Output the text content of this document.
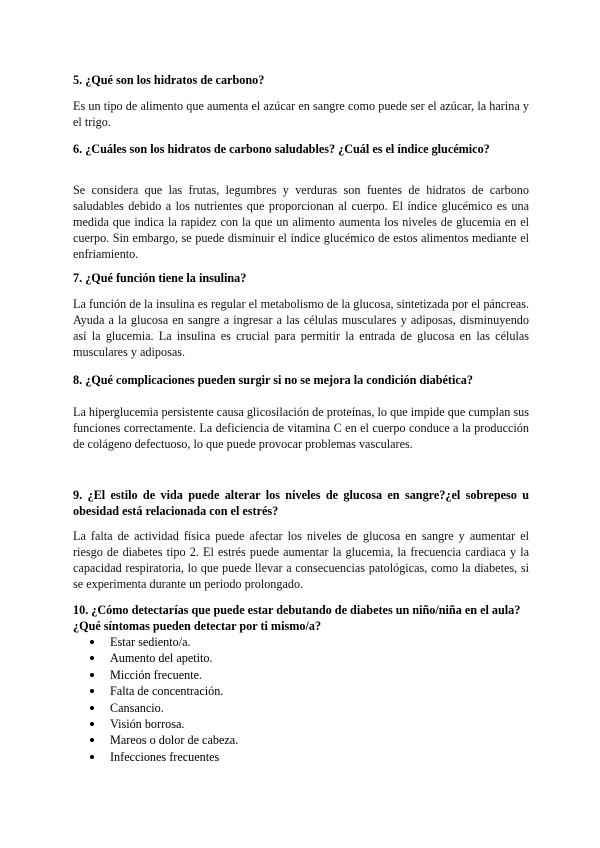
5. ¿Qué son los hidratos de carbono?
Es un tipo de alimento que aumenta el azúcar en sangre como puede ser el azúcar, la harina y el trigo.
6. ¿Cuáles son los hidratos de carbono saludables? ¿Cuál es el índice glucémico?
Se considera que las frutas, legumbres y verduras son fuentes de hidratos de carbono saludables debido a los nutrientes que proporcionan al cuerpo. El índice glucémico es una medida que indica la rapidez con la que un alimento aumenta los niveles de glucemia en el cuerpo. Sin embargo, se puede disminuir el índice glucémico de estos alimentos mediante el enfriamiento.
7. ¿Qué función tiene la insulina?
La función de la insulina es regular el metabolismo de la glucosa, sintetizada por el páncreas. Ayuda a la glucosa en sangre a ingresar a las células musculares y adiposas, disminuyendo así la glucemia. La insulina es crucial para permitir la entrada de glucosa en las células musculares y adiposas.
8. ¿Qué complicaciones pueden surgir si no se mejora la condición diabética?
La hiperglucemia persistente causa glicosilación de proteínas, lo que impide que cumplan sus funciones correctamente. La deficiencia de vitamina C en el cuerpo conduce a la producción de colágeno defectuoso, lo que puede provocar problemas vasculares.
9. ¿El estilo de vida puede alterar los niveles de glucosa en sangre?¿el sobrepeso u obesidad está relacionada con el estrés?
La falta de actividad física puede afectar los niveles de glucosa en sangre y aumentar el riesgo de diabetes tipo 2. El estrés puede aumentar la glucemia, la frecuencia cardiaca y la capacidad respiratoria, lo que puede llevar a consecuencias patológicas, como la diabetes, si se experimenta durante un periodo prolongado.
10. ¿Cómo detectarías que puede estar debutando de diabetes un niño/niña en el aula? ¿Qué síntomas pueden detectar por ti mismo/a?
Estar sediento/a.
Aumento del apetito.
Micción frecuente.
Falta de concentración.
Cansancio.
Visión borrosa.
Mareos o dolor de cabeza.
Infecciones frecuentes
